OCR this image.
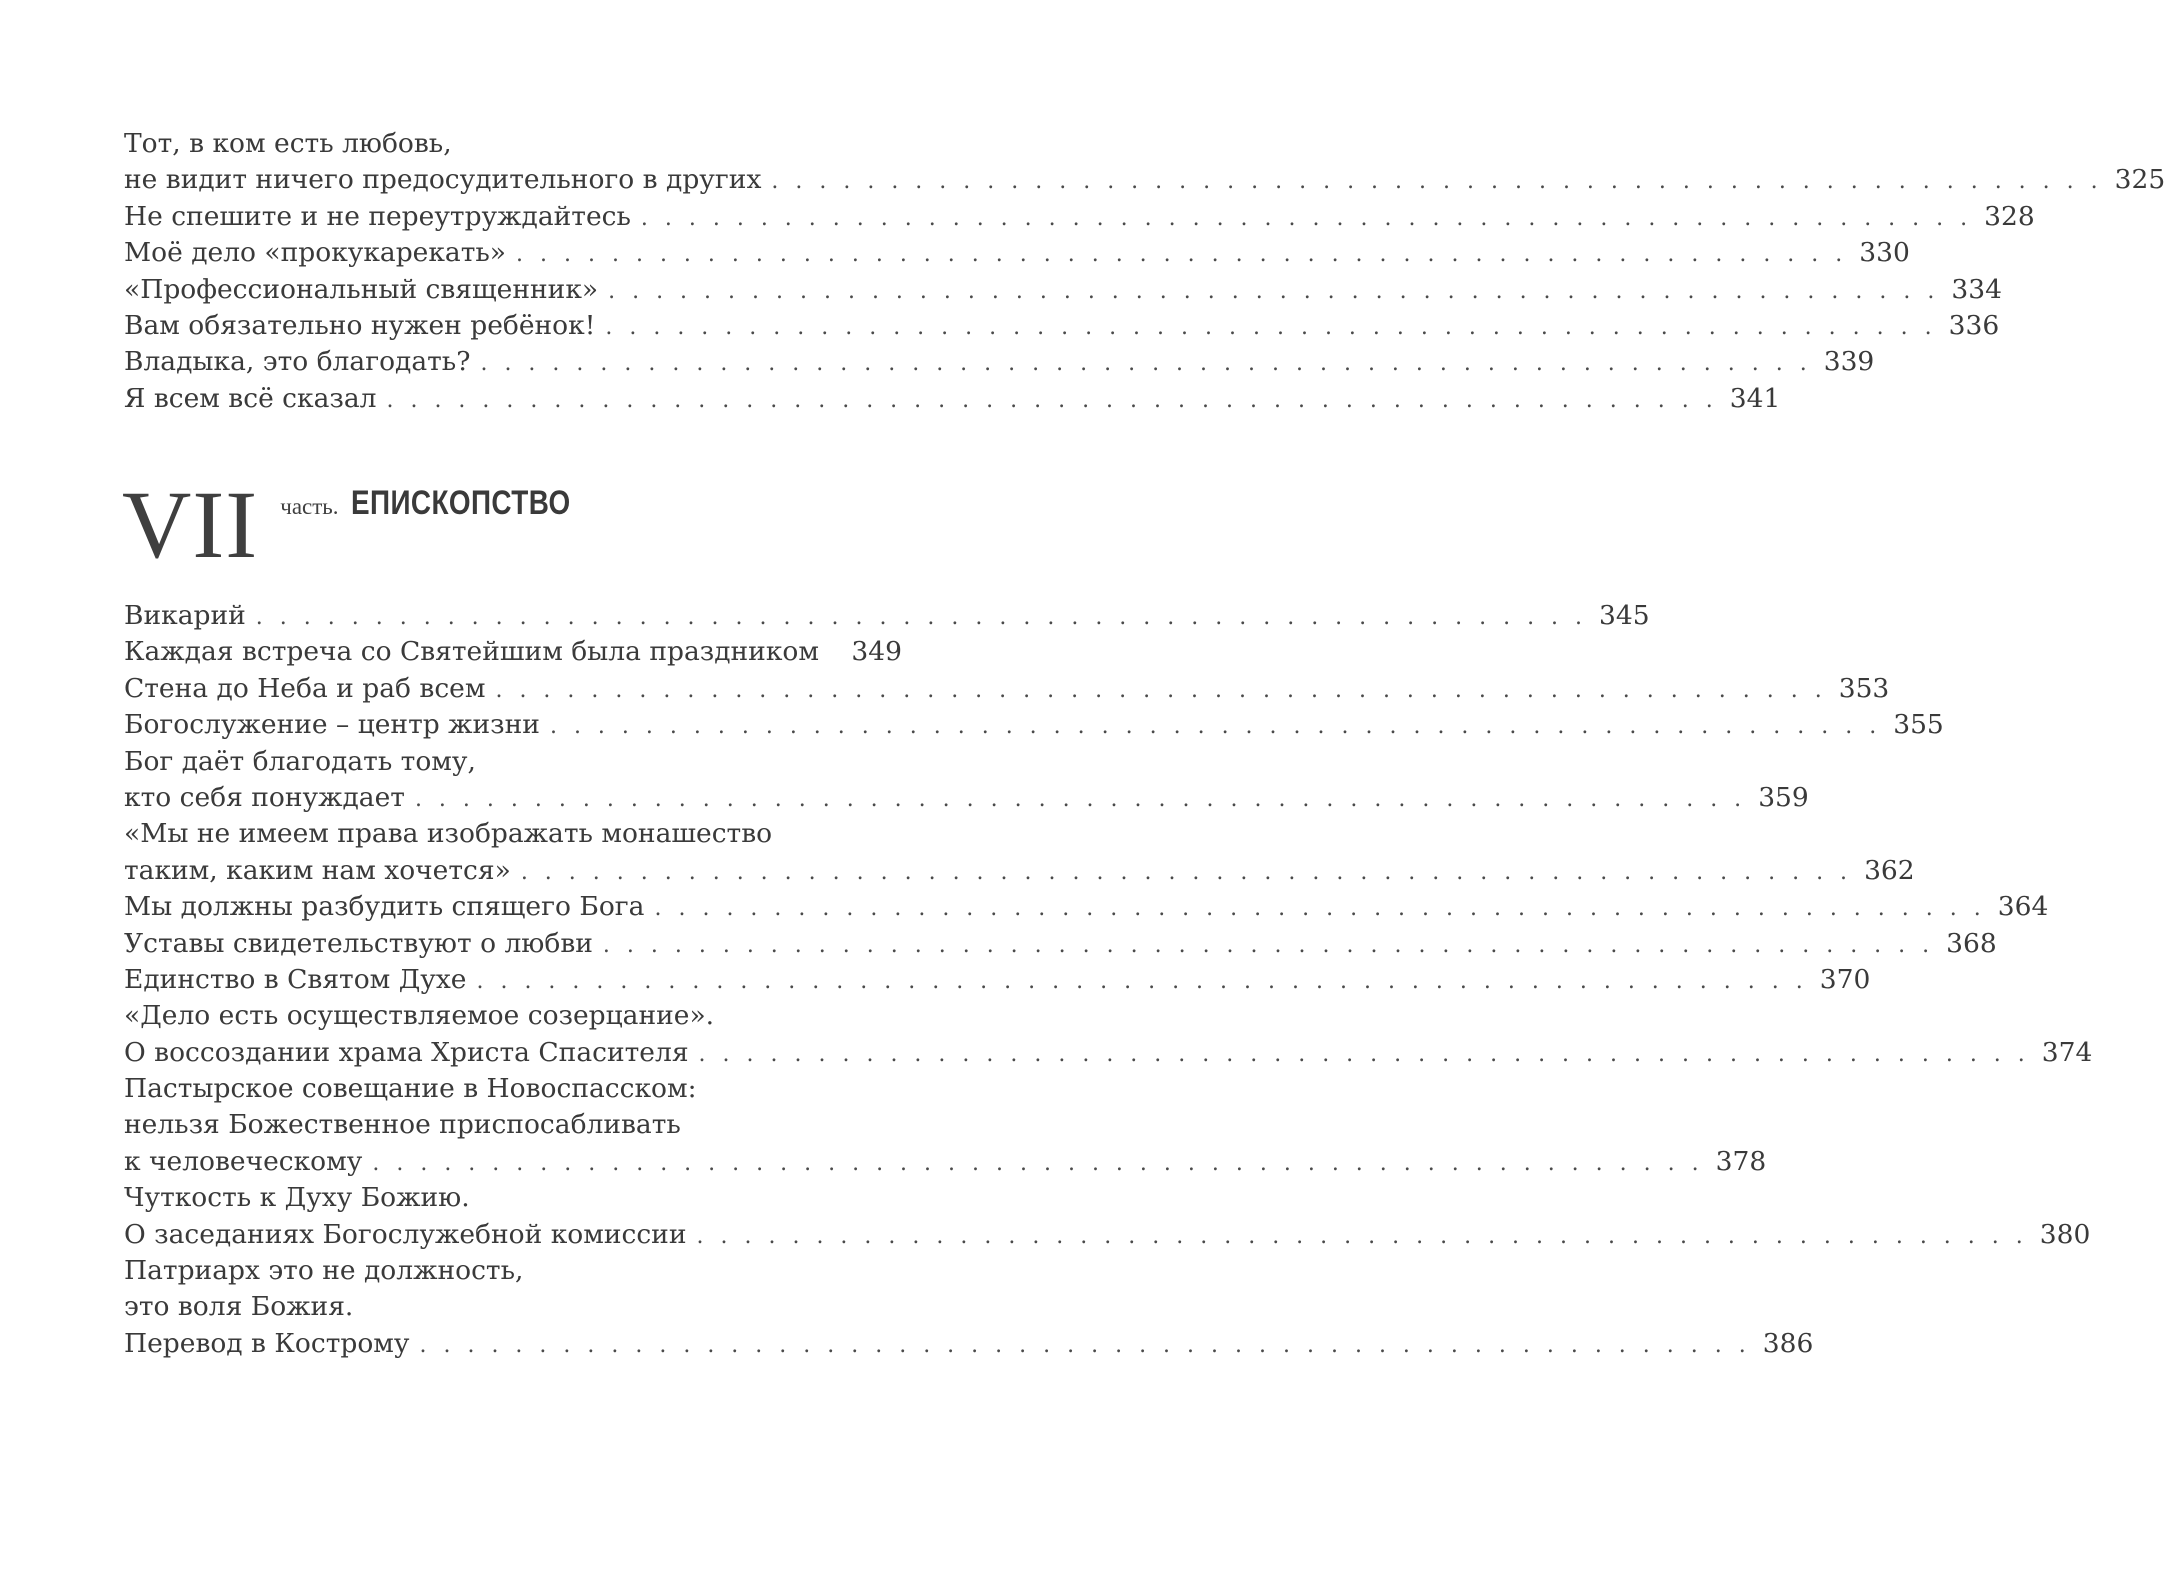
Тот, в ком есть любовь,
не видит ничего предосудительного в других . . . . . . . . . . . . . . . . . . . . . . . . . . . . . . . . . . . . . . . . . . . . . . . . . . . . . . . . 325
Не спешите и не переутруждайтесь . . . . . . . . . . . . . . . . . . . . . . . . . . . . . . . . . . . . . . . . . . . . . . . . . . . . . . . . 328
Моё дело «прокукарекать» . . . . . . . . . . . . . . . . . . . . . . . . . . . . . . . . . . . . . . . . . . . . . . . . . . . . . . . . 330
«Профессиональный священник» . . . . . . . . . . . . . . . . . . . . . . . . . . . . . . . . . . . . . . . . . . . . . . . . . . . . . . . . 334
Вам обязательно нужен ребёнок! . . . . . . . . . . . . . . . . . . . . . . . . . . . . . . . . . . . . . . . . . . . . . . . . . . . . . . . . 336
Владыка, это благодать? . . . . . . . . . . . . . . . . . . . . . . . . . . . . . . . . . . . . . . . . . . . . . . . . . . . . . . . . 339
Я всем всё сказал . . . . . . . . . . . . . . . . . . . . . . . . . . . . . . . . . . . . . . . . . . . . . . . . . . . . . . . . 341
VII часть. ЕПИСКОПСТВО
Викарий . . . . . . . . . . . . . . . . . . . . . . . . . . . . . . . . . . . . . . . . . . . . . . . . . . . . . . . . 345
Каждая встреча со Святейшим была праздником 349
Стена до Неба и раб всем . . . . . . . . . . . . . . . . . . . . . . . . . . . . . . . . . . . . . . . . . . . . . . . . . . . . . . . . 353
Богослужение – центр жизни . . . . . . . . . . . . . . . . . . . . . . . . . . . . . . . . . . . . . . . . . . . . . . . . . . . . . . . . 355
Бог даёт благодать тому,
кто себя понуждает . . . . . . . . . . . . . . . . . . . . . . . . . . . . . . . . . . . . . . . . . . . . . . . . . . . . . . . . 359
«Мы не имеем права изображать монашество
таким, каким нам хочется» . . . . . . . . . . . . . . . . . . . . . . . . . . . . . . . . . . . . . . . . . . . . . . . . . . . . . . . . 362
Мы должны разбудить спящего Бога . . . . . . . . . . . . . . . . . . . . . . . . . . . . . . . . . . . . . . . . . . . . . . . . . . . . . . . . 364
Уставы свидетельствуют о любви . . . . . . . . . . . . . . . . . . . . . . . . . . . . . . . . . . . . . . . . . . . . . . . . . . . . . . . . 368
Единство в Святом Духе . . . . . . . . . . . . . . . . . . . . . . . . . . . . . . . . . . . . . . . . . . . . . . . . . . . . . . . . 370
«Дело есть осуществляемое созерцание».
О воссоздании храма Христа Спасителя . . . . . . . . . . . . . . . . . . . . . . . . . . . . . . . . . . . . . . . . . . . . . . . . . . . . . . . . 374
Пастырское совещание в Новоспасском:
нельзя Божественное приспосабливать
к человеческому . . . . . . . . . . . . . . . . . . . . . . . . . . . . . . . . . . . . . . . . . . . . . . . . . . . . . . . . 378
Чуткость к Духу Божию.
О заседаниях Богослужебной комиссии . . . . . . . . . . . . . . . . . . . . . . . . . . . . . . . . . . . . . . . . . . . . . . . . . . . . . . . . 380
Патриарх это не должность,
это воля Божия.
Перевод в Кострому . . . . . . . . . . . . . . . . . . . . . . . . . . . . . . . . . . . . . . . . . . . . . . . . . . . . . . . . 386
